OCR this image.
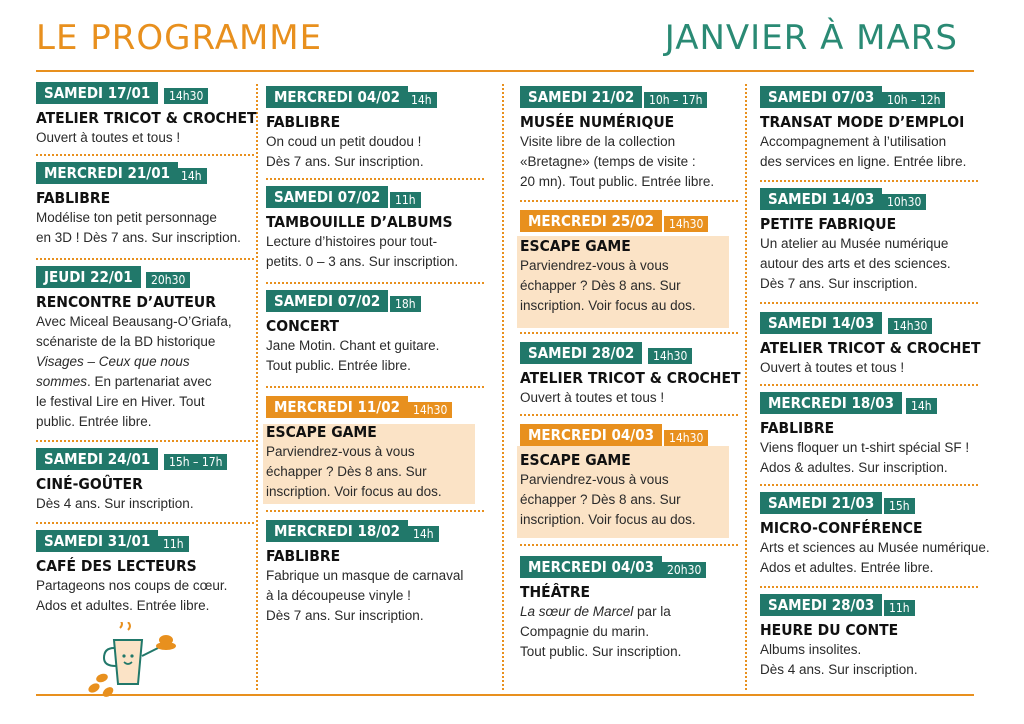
LE PROGRAMME	JANVIER À MARS
SAMEDI 17/01	14h30
ATELIER TRICOT & CROCHET
Ouvert à toutes et tous !
MERCREDI 21/01 14h
FABLIBRE
Modélise ton petit personnage
en 3D ! Dès 7 ans. Sur inscription.
JEUDI 22/01	20h30
RENCONTRE D’AUTEUR
Avec Miceal Beausang-O’Griafa,
scénariste de la BD historique
Visages – Ceux que nous
sommes. En partenariat avec
le festival Lire en Hiver. Tout
public. Entrée libre.
SAMEDI 24/01	15h – 17h
CINÉ-GOÛTER
Dès 4 ans. Sur inscription.
SAMEDI 31/01	11h
CAFÉ DES LECTEURS
Partageons nos coups de cœur.
Ados et adultes. Entrée libre.
MERCREDI 04/02 14h
FABLIBRE
On coud un petit doudou !
Dès 7 ans. Sur inscription.
SAMEDI 07/02	11h
TAMBOUILLE D’ALBUMS
Lecture d’histoires pour tout-
petits. 0 – 3 ans. Sur inscription.
SAMEDI 07/02	18h
CONCERT
Jane Motin. Chant et guitare.
Tout public. Entrée libre.
MERCREDI 11/02	14h30
ESCAPE GAME
Parviendrez-vous à vous
échapper ? Dès 8 ans. Sur
inscription. Voir focus au dos.
MERCREDI 18/02	14h
FABLIBRE
Fabrique un masque de carnaval
à la découpeuse vinyle !
Dès 7 ans. Sur inscription.
SAMEDI 21/02	10h – 17h
MUSÉE NUMÉRIQUE
Visite libre de la collection
«Bretagne» (temps de visite :
20 mn). Tout public. Entrée libre.
MERCREDI 25/02	14h30
ESCAPE GAME
Parviendrez-vous à vous
échapper ? Dès 8 ans. Sur
inscription. Voir focus au dos.
SAMEDI 28/02	14h30
ATELIER TRICOT & CROCHET
Ouvert à toutes et tous !
MERCREDI 04/03	14h30
ESCAPE GAME
Parviendrez-vous à vous
échapper ? Dès 8 ans. Sur
inscription. Voir focus au dos.
MERCREDI 04/03	20h30
THÉÂTRE
La sœur de Marcel par la
Compagnie du marin.
Tout public. Sur inscription.
SAMEDI 07/03	10h – 12h
TRANSAT MODE D’EMPLOI
Accompagnement à l’utilisation
des services en ligne. Entrée libre.
SAMEDI 14/03	10h30
PETITE FABRIQUE
Un atelier au Musée numérique
autour des arts et des sciences.
Dès 7 ans. Sur inscription.
SAMEDI 14/03	14h30
ATELIER TRICOT & CROCHET
Ouvert à toutes et tous !
MERCREDI 18/03	14h
FABLIBRE
Viens floquer un t-shirt spécial SF !
Ados & adultes. Sur inscription.
SAMEDI 21/03	15h
MICRO-CONFÉRENCE
Arts et sciences au Musée numérique.
Ados et adultes. Entrée libre.
SAMEDI 28/03	11h
HEURE DU CONTE
Albums insolites.
Dès 4 ans. Sur inscription.
